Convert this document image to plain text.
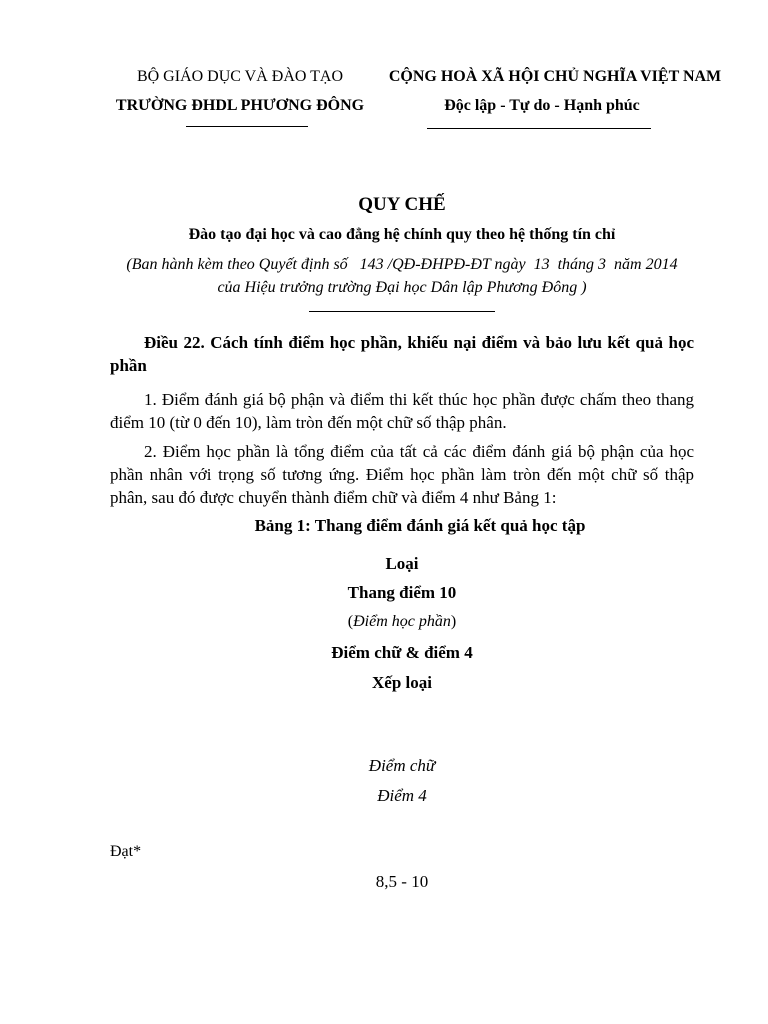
BỘ GIÁO DỤC VÀ ĐÀO TẠO
TRƯỜNG ĐHDL PHƯƠNG ĐÔNG
CỘNG HOÀ XÃ HỘI CHỦ NGHĨA VIỆT NAM
Độc lập - Tự do - Hạnh phúc
QUY CHẾ
Đào tạo đại học và cao đẳng hệ chính quy theo hệ thống tín chỉ
(Ban hành kèm theo Quyết định số   143 /QĐ-ĐHPĐ-ĐT ngày  13  tháng 3  năm 2014
của Hiệu trưởng trường Đại học Dân lập Phương Đông )
Điều 22. Cách tính điểm học phần, khiếu nại điểm và bảo lưu kết quả học phần
1. Điểm đánh giá bộ phận và điểm thi kết thúc học phần được chấm theo thang điểm 10 (từ 0 đến 10), làm tròn đến một chữ số thập phân.
2. Điểm học phần là tổng điểm của tất cả các điểm đánh giá bộ phận của học phần nhân với trọng số tương ứng. Điểm học phần làm tròn đến một chữ số thập phân, sau đó được chuyển thành điểm chữ và điểm 4 như Bảng 1:
Bảng 1: Thang điểm đánh giá kết quả học tập
Loại
Thang điểm 10
(Điểm học phần)
Điểm chữ & điểm 4
Xếp loại
Điểm chữ
Điểm 4
Đạt*
8,5 - 10
